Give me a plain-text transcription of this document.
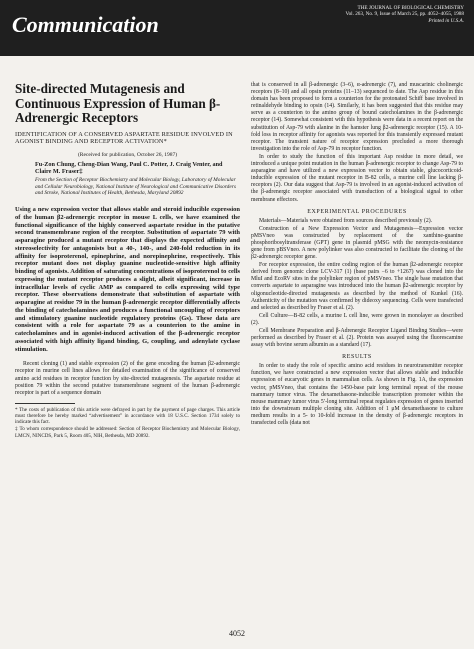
Communication
THE JOURNAL OF BIOLOGICAL CHEMISTRY
Vol. 263, No. 9, Issue of March 25, pp. 4052–4055, 1988
Printed in U.S.A.
Site-directed Mutagenesis and Continuous Expression of Human β-Adrenergic Receptors
IDENTIFICATION OF A CONSERVED ASPARTATE RESIDUE INVOLVED IN AGONIST BINDING AND RECEPTOR ACTIVATION*
(Received for publication, October 26, 1987)
Fu-Zon Chung, Cheng-Dian Wang, Paul C. Potter, J. Craig Venter, and Claire M. Fraser‡
From the Section of Receptor Biochemistry and Molecular Biology, Laboratory of Molecular and Cellular Neurobiology, National Institute of Neurological and Communicative Disorders and Stroke, National Institutes of Health, Bethesda, Maryland 20892

Using a new expression vector that allows stable and steroid inducible expression of the human β2-adrenergic receptor in mouse L cells, we have examined the functional significance of the highly conserved aspartate residue in the putative second transmembrane region of the receptor. Substitution of aspartate 79 with asparagine produced a mutant receptor that displays the expected affinity and stereoselectivity for antagonists but a 40-, 140-, and 240-fold reduction in its affinity for isoproterenol, epinephrine, and norepinephrine, respectively. This receptor mutant does not display guanine nucleotide-sensitive high affinity binding of agonists. Addition of saturating concentrations of isoproterenol to cells expressing the mutant receptor produces a slight, albeit significant, increase in intracellular levels of cyclic AMP as compared to cells expressing wild type receptor. These observations demonstrate that substitution of aspartate with asparagine at residue 79 in the human β-adrenergic receptor differentially affects the binding of catecholamines and produces a functional uncoupling of receptors and stimulatory guanine nucleotide regulatory proteins (Gs). These data are consistent with a role for aspartate 79 as a counterion to the amine in catecholamines and in agonist-induced activation of the β-adrenergic receptor associated with high affinity ligand binding, G, coupling, and adenylate cyclase stimulation.

Recent cloning (1) and stable expression (2) of the gene encoding the human β2-adrenergic receptor in murine cell lines allows for detailed examination of the significance of conserved amino acid residues in receptor function by site-directed mutagenesis. The aspartate residue at position 79 within the second putative transmembrane segment of the human β-adrenergic receptor is part of a sequence domain

* The costs of publication of this article were defrayed in part by the payment of page charges. This article must therefore be hereby marked “advertisement” in accordance with 18 U.S.C. Section 1734 solely to indicate this fact.

‡ To whom correspondence should be addressed: Section of Receptor Biochemistry and Molecular Biology, LMCN, NINCDS, Park 5, Room 405, NIH, Bethesda, MD 20892.

that is conserved in all β-adrenergic (3–6), α-adrenergic (7), and muscarinic cholinergic receptors (8–10) and all opsin proteins (11–13) sequenced to date. The Asp residue in this domain has been proposed to form a counterion for the protonated Schiff base involved in retinaldehyde binding to opsin (14). Similarly, it has been suggested that this residue may serve as a counterion to the amino group of bound catecholamines in the β-adrenergic receptor (14). Somewhat consistent with this hypothesis were data in a recent report on the substitution of Asp-79 with alanine in the hamster lung β2-adrenergic receptor (15). A 10-fold loss in receptor affinity for agonists was reported for this transiently expressed mutant receptor. The transient nature of receptor expression precluded a more thorough investigation into the role of Asp-79 in receptor function.

In order to study the function of this important Asp residue in more detail, we introduced a unique point mutation in the human β-adrenergic receptor to change Asp-79 to asparagine and have utilized a new expression vector to obtain stable, glucocorticoid-inducible expression of the mutant receptor in B-82 cells, a murine cell line lacking β-receptors (2). Our data suggest that Asp-79 is involved in an agonist-induced activation of the β-adrenergic receptor associated with transduction of a biological signal to other membrane effectors.

EXPERIMENTAL PROCEDURES

Materials—Materials were obtained from sources described previously (2).

Construction of a New Expression Vector and Mutagenesis—Expression vector pMSVneo was constructed by replacement of the xanthine-guanine phosphoribosyltransferase (GPT) gene in plasmid pMSG with the neomycin-resistance gene from pBSVneo. A new polylinker was also constructed to facilitate the cloning of the β2-adrenergic receptor gene.

For receptor expression, the entire coding region of the human β2-adrenergic receptor derived from genomic clone LCV-317 (1) (base pairs −6 to +1267) was cloned into the MluI and EcoRV sites in the polylinker region of pMSVneo. The single base mutation that converts aspartate to asparagine was introduced into the human β2-adrenergic receptor by oligonucleotide-directed mutagenesis as described by the method of Kunkel (16). Authenticity of the mutation was confirmed by dideoxy sequencing. Cells were transfected and selected as described by Fraser et al. (2).

Cell Culture—B-82 cells, a murine L cell line, were grown in monolayer as described (2).

Cell Membrane Preparation and β-Adrenergic Receptor Ligand Binding Studies—were performed as described by Fraser et al. (2). Protein was assayed using the fluorescamine assay with bovine serum albumin as a standard (17).

RESULTS

In order to study the role of specific amino acid residues in neurotransmitter receptor function, we have constructed a new expression vector that allows stable and inducible expression of eucaryotic genes in mammalian cells. As shown in Fig. 1A, the expression vector, pMSVneo, that contains the 1450-base pair long terminal repeat of the mouse mammary tumor virus. The dexamethasone-inducible transcription promoter within the mouse mammary tumor virus 5′-long terminal repeat regulates expression of genes inserted into the downstream multiple cloning site. Addition of 1 μM dexamethasone to culture medium results in a 5- to 10-fold increase in the density of β-adrenergic receptors in transfected cells (data not

4052
